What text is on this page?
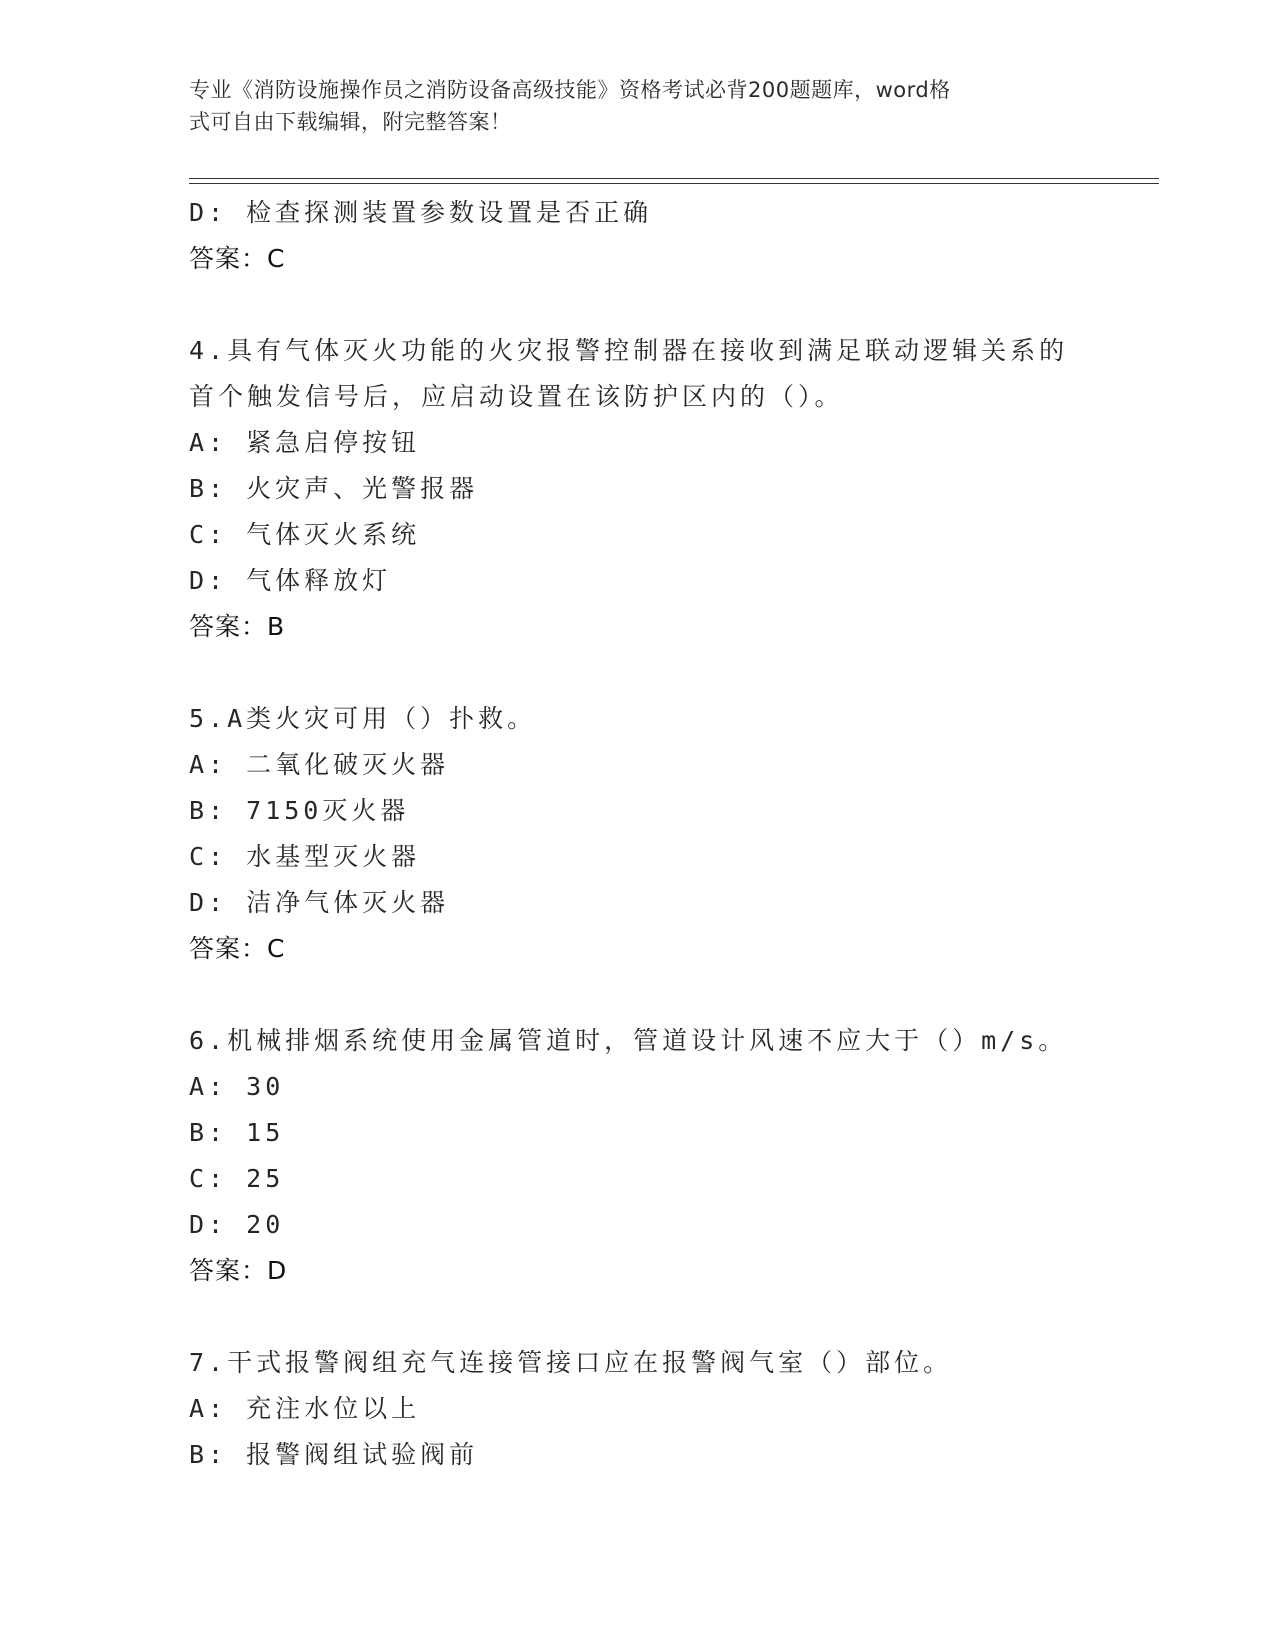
专业《消防设施操作员之消防设备高级技能》资格考试必背200题题库，word格
式可自由下载编辑，附完整答案！
D: 检查探测装置参数设置是否正确
答案：C
4.具有气体灭火功能的火灾报警控制器在接收到满足联动逻辑关系的
首个触发信号后，应启动设置在该防护区内的（）。
A: 紧急启停按钮
B: 火灾声、光警报器
C: 气体灭火系统
D: 气体释放灯
答案：B
5.A类火灾可用（）扑救。
A: 二氧化破灭火器
B: 7150灭火器
C: 水基型灭火器
D: 洁净气体灭火器
答案：C
6.机械排烟系统使用金属管道时，管道设计风速不应大于（）m/s。
A: 30
B: 15
C: 25
D: 20
答案：D
7.干式报警阀组充气连接管接口应在报警阀气室（）部位。
A: 充注水位以上
B: 报警阀组试验阀前
